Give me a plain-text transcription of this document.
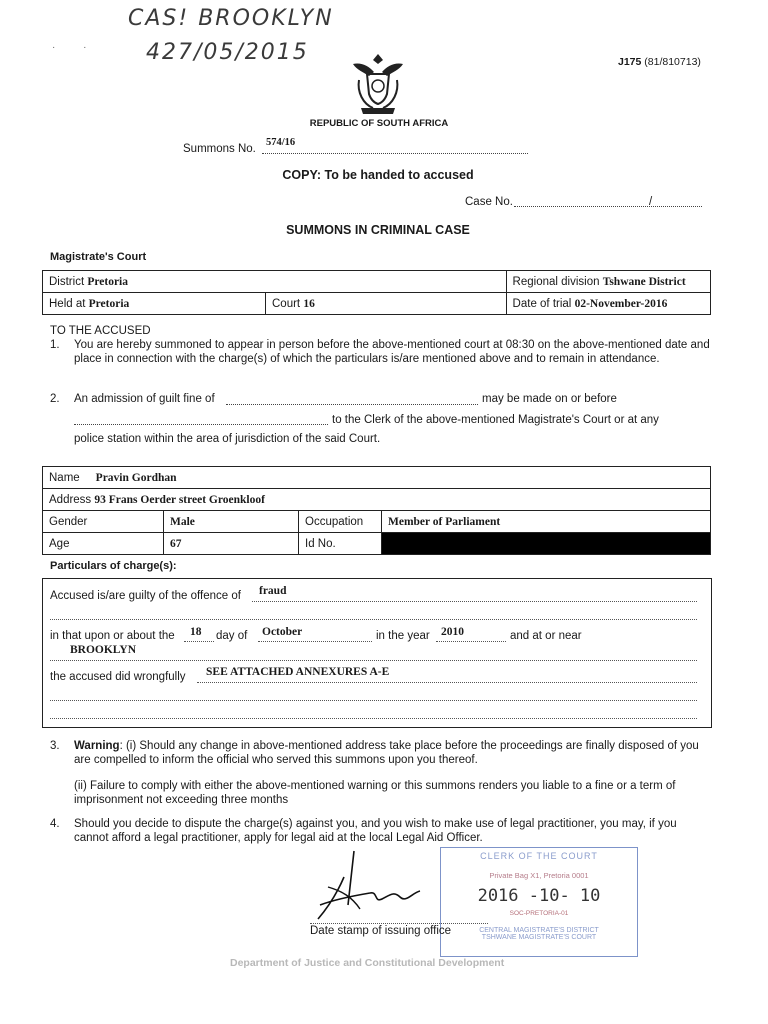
CAS! BROOKLYN
427/05/2015
·          ·
J175 (81/810713)
REPUBLIC OF SOUTH AFRICA
Summons No.
574/16
COPY: To be handed to accused
Case No.	/
SUMMONS IN CRIMINAL CASE
Magistrate's Court
District Pretoria		Regional division Tshwane District
Held at Pretoria	Court 16	Date of trial 02-November-2016
TO THE ACCUSED
1. You are hereby summoned to appear in person before the above-mentioned court at 08:30 on the above-mentioned date and place in connection with the charge(s) of which the particulars is/are mentioned above and to remain in attendance.
2. An admission of guilt fine of	may be made on or before
to the Clerk of the above-mentioned Magistrate's Court or at any
police station within the area of jurisdiction of the said Court.
Name Pravin Gordhan			
Address 93 Frans Oerder street Groenkloof			
Gender	Male	Occupation	Member of Parliament
Age	67	Id No.	
Particulars of charge(s):
Accused is/are guilty of the offence of fraud
in that upon or about the 18 day of October	in the year 2010	and at or near
BROOKLYN
the accused did wrongfully SEE ATTACHED ANNEXURES A-E
3. Warning: (i) Should any change in above-mentioned address take place before the proceedings are finally disposed of you are compelled to inform the official who served this summons upon you thereof.
(ii) Failure to comply with either the above-mentioned warning or this summons renders you liable to a fine or a term of imprisonment not exceeding three months
4. Should you decide to dispute the charge(s) against you, and you wish to make use of legal practitioner, you may, if you cannot afford a legal practitioner, apply for legal aid at the local Legal Aid Officer.
CLERK OF THE COURT
Private Bag X1, Pretoria 0001
2016 -10- 10
SOC-PRETORIA-01
CENTRAL MAGISTRATE'S DISTRICT
TSHWANE MAGISTRATE'S COURT
Date stamp of issuing office
Department of Justice and Constitutional Development
